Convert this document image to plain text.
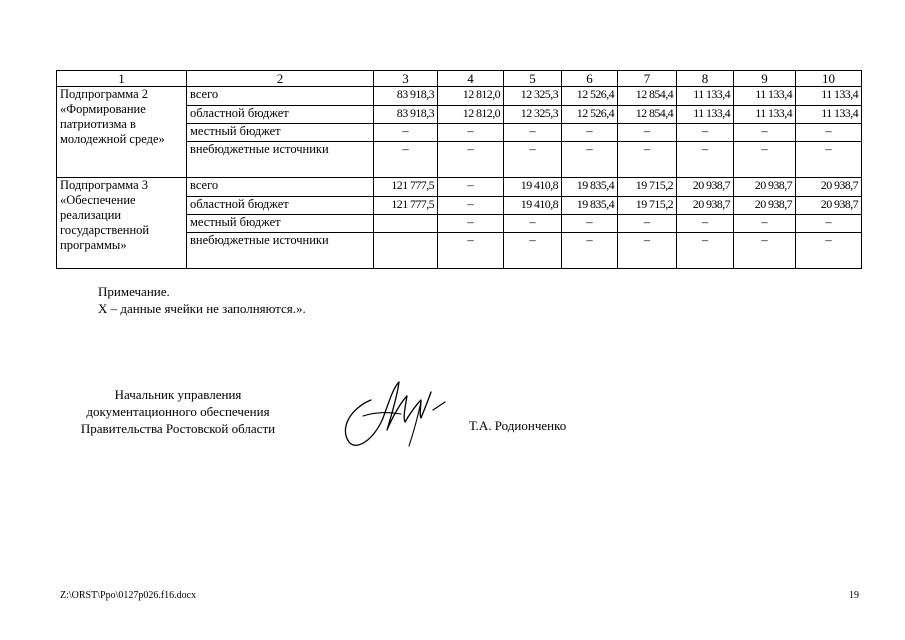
1	2	3	4	5	6	7	8	9	10
Подпрограмма 2 «Формирование патриотизма в молодежной среде»	всего	83 918,3	12 812,0	12 325,3	12 526,4	12 854,4	11 133,4	11 133,4	11 133,4
	областной бюджет	83 918,3	12 812,0	12 325,3	12 526,4	12 854,4	11 133,4	11 133,4	11 133,4
	местный бюджет	–	–	–	–	–	–	–	–
	внебюджетные источники	–	–	–	–	–	–	–	–
Подпрограмма 3 «Обеспечение реализации государственной программы»	всего	121 777,5	–	19 410,8	19 835,4	19 715,2	20 938,7	20 938,7	20 938,7
	областной бюджет	121 777,5	–	19 410,8	19 835,4	19 715,2	20 938,7	20 938,7	20 938,7
	местный бюджет		–	–	–	–	–	–	–
	внебюджетные источники		–	–	–	–	–	–	–
Примечание.
Х – данные ячейки не заполняются.».
Начальник управления
документационного обеспечения
Правительства Ростовской области	Т.А. Родионченко
Z:\ORST\Ppo\0127p026.f16.docx	19
